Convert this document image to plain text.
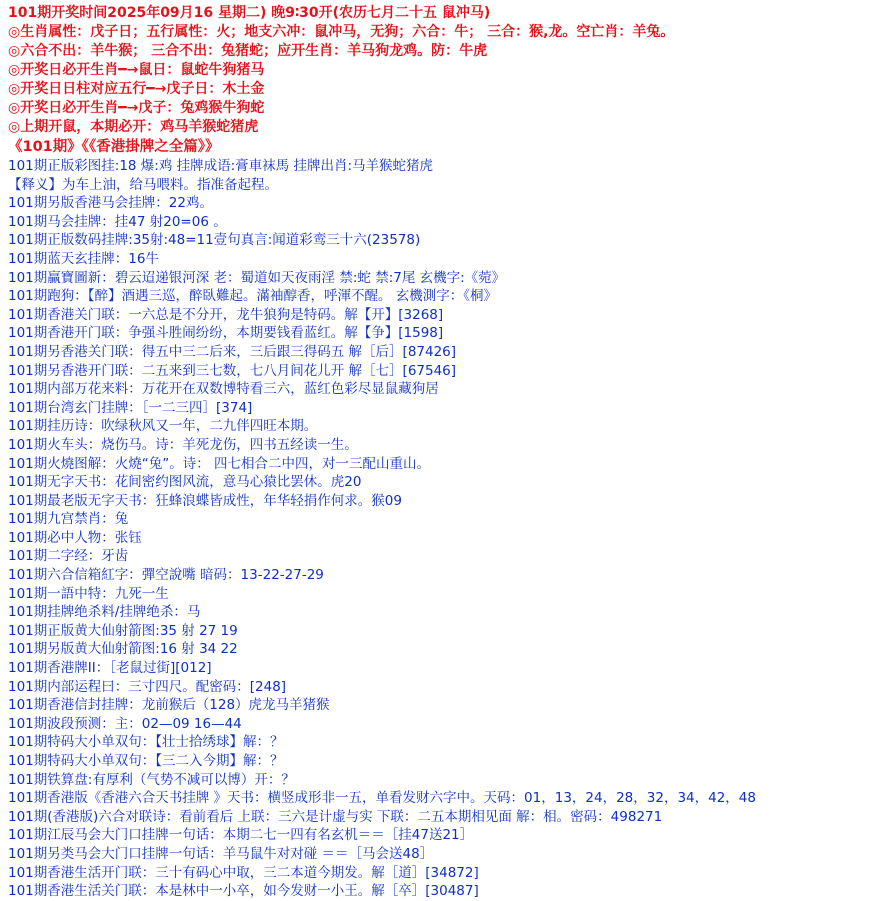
101期开奖时间2025年09月16 星期二) 晚9∶30开(农历七月二十五 鼠冲马)
◎生肖属性：戊子日；五行属性：火；地支六冲：鼠冲马，无狗；六合：牛； 三合：猴,龙。空亡肖：羊兔。
◎六合不出：羊牛猴； 三合不出：兔猪蛇；应开生肖：羊马狗龙鸡。防：牛虎
◎开奖日必开生肖━→鼠日：鼠蛇牛狗猪马
◎开奖日日柱对应五行━→戊子日：木土金
◎开奖日必开生肖━→戊子：兔鸡猴牛狗蛇
◎上期开鼠，本期必开：鸡马羊猴蛇猪虎
《101期》《《香港掛牌之全篇》》
101期正版彩图挂:18 爆:鸡 挂牌成语:膏車袜馬 挂牌出肖:马羊猴蛇猪虎
【释义】为车上油，给马喂料。指准备起程。
101期另版香港马会挂牌：22鸡。
101期马会挂牌：挂47 射20=06 。
101期正版数码挂牌:35射:48=11壹句真言:闻道彩鸾三十六(23578)
101期蓝天玄挂牌：16牛
101期贏寶圖新：碧云迢递银河深 老：蜀道如天夜雨淫 禁:蛇 禁:7尾 玄機字:《菀》
101期跑狗：【醉】酒遇三巡，醉臥難起。滿袖醇香，呼渾不醒。 玄機測字：《桐》
101期香港关门联：一六总是不分开，龙牛狼狗是特码。解【开】[3268]
101期香港开门联：争强斗胜闹纷纷，本期要钱看蓝红。解【争】[1598]
101期另香港关门联：得五中三二后来，三后跟三得码五 解［后］[87426]
101期另香港开门联：二五来到三七数，七八月间花儿开 解［七］[67546]
101期内部万花来料：万花开在双数博特看三六，蓝红色彩尽显鼠藏狗居
101期台湾玄门挂牌：［一二三四］[374]
101期挂历诗：吹绿秋风又一年，二九伴四旺本期。
101期火车头：烧伤马。诗：羊死龙伤，四书五经读一生。
101期火燒图解：火燒“兔”。诗： 四七相合二中四，对一三配山重山。
101期无字天书：花间密约图风流，意马心猿比罢休。虎20
101期最老版无字天书：狂蜂浪蝶皆成性，年华轻捐作何求。猴09
101期九宫禁肖：兔
101期必中人物：张钰
101期二字经：牙齿
101期六合信箱紅字：彈空說嘴 暗码：13-22-27-29
101期一語中特：九死一生
101期挂牌绝杀料/挂牌绝杀：马
101期正版黄大仙射箭图:35 射 27 19
101期另版黄大仙射箭图:16 射 34 22
101期香港牌II：［老鼠过街][012]
101期内部运程曰：三寸四尺。配密码：[248]
101期香港信封挂牌：龙前猴后（128）虎龙马羊猪猴
101期波段预测：主：02—09 16—44
101期特码大小单双句：【壮士拾绣球】解：？
101期特码大小单双句：【三二入今期】解：？
101期铁算盘:有厚利（气势不减可以博）开：？
101期香港版《香港六合天书挂牌 》天书：横竖成形非一五，单看发财六字中。天码：01，13，24，28，32，34，42，48
101期(香港版)六合对联诗：看前看后 上联：三六是计虚与实 下联：二五本期相见面 解：相。密码：498271
101期江辰马会大门口挂牌一句话：本期二七一四有名玄机＝＝［挂47送21］
101期另类马会大门口挂牌一句话：羊马鼠牛对对碰 ＝＝［马会送48］
101期香港生活开门联：三十有码心中取，三二本道今期发。解［道］[34872]
101期香港生活关门联：本是林中一小卒，如今发财一小王。解［卒］[30487]
